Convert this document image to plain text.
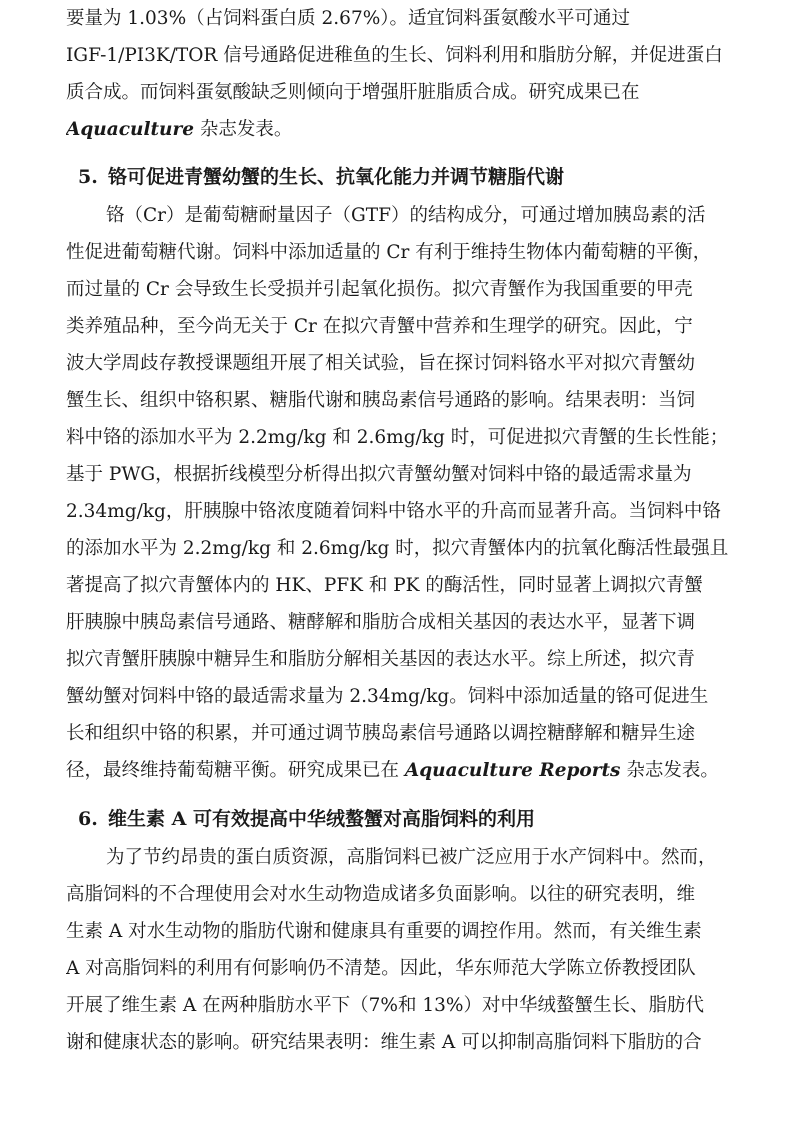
要量为 1.03%（占饲料蛋白质 2.67%）。适宜饲料蛋氨酸水平可通过
IGF-1/PI3K/TOR 信号通路促进稚鱼的生长、饲料利用和脂肪分解，并促进蛋白
质合成。而饲料蛋氨酸缺乏则倾向于增强肝脏脂质合成。研究成果已在
Aquaculture 杂志发表。
5. 铬可促进青蟹幼蟹的生长、抗氧化能力并调节糖脂代谢
铬（Cr）是葡萄糖耐量因子（GTF）的结构成分，可通过增加胰岛素的活
性促进葡萄糖代谢。饲料中添加适量的 Cr 有利于维持生物体内葡萄糖的平衡，
而过量的 Cr 会导致生长受损并引起氧化损伤。拟穴青蟹作为我国重要的甲壳
类养殖品种，至今尚无关于 Cr 在拟穴青蟹中营养和生理学的研究。因此，宁
波大学周歧存教授课题组开展了相关试验，旨在探讨饲料铬水平对拟穴青蟹幼
蟹生长、组织中铬积累、糖脂代谢和胰岛素信号通路的影响。结果表明：当饲
料中铬的添加水平为 2.2mg/kg 和 2.6mg/kg 时，可促进拟穴青蟹的生长性能；
基于 PWG，根据折线模型分析得出拟穴青蟹幼蟹对饲料中铬的最适需求量为
2.34mg/kg，肝胰腺中铬浓度随着饲料中铬水平的升高而显著升高。当饲料中铬
的添加水平为 2.2mg/kg 和 2.6mg/kg 时，拟穴青蟹体内的抗氧化酶活性最强且
著提高了拟穴青蟹体内的 HK、PFK 和 PK 的酶活性，同时显著上调拟穴青蟹
肝胰腺中胰岛素信号通路、糖酵解和脂肪合成相关基因的表达水平，显著下调
拟穴青蟹肝胰腺中糖异生和脂肪分解相关基因的表达水平。综上所述，拟穴青
蟹幼蟹对饲料中铬的最适需求量为 2.34mg/kg。饲料中添加适量的铬可促进生
长和组织中铬的积累，并可通过调节胰岛素信号通路以调控糖酵解和糖异生途
径，最终维持葡萄糖平衡。研究成果已在 Aquaculture Reports 杂志发表。
6. 维生素 A 可有效提高中华绒螯蟹对高脂饲料的利用
为了节约昂贵的蛋白质资源，高脂饲料已被广泛应用于水产饲料中。然而，
高脂饲料的不合理使用会对水生动物造成诸多负面影响。以往的研究表明，维
生素 A 对水生动物的脂肪代谢和健康具有重要的调控作用。然而，有关维生素
A 对高脂饲料的利用有何影响仍不清楚。因此，华东师范大学陈立侨教授团队
开展了维生素 A 在两种脂肪水平下（7%和 13%）对中华绒螯蟹生长、脂肪代
谢和健康状态的影响。研究结果表明：维生素 A 可以抑制高脂饲料下脂肪的合
